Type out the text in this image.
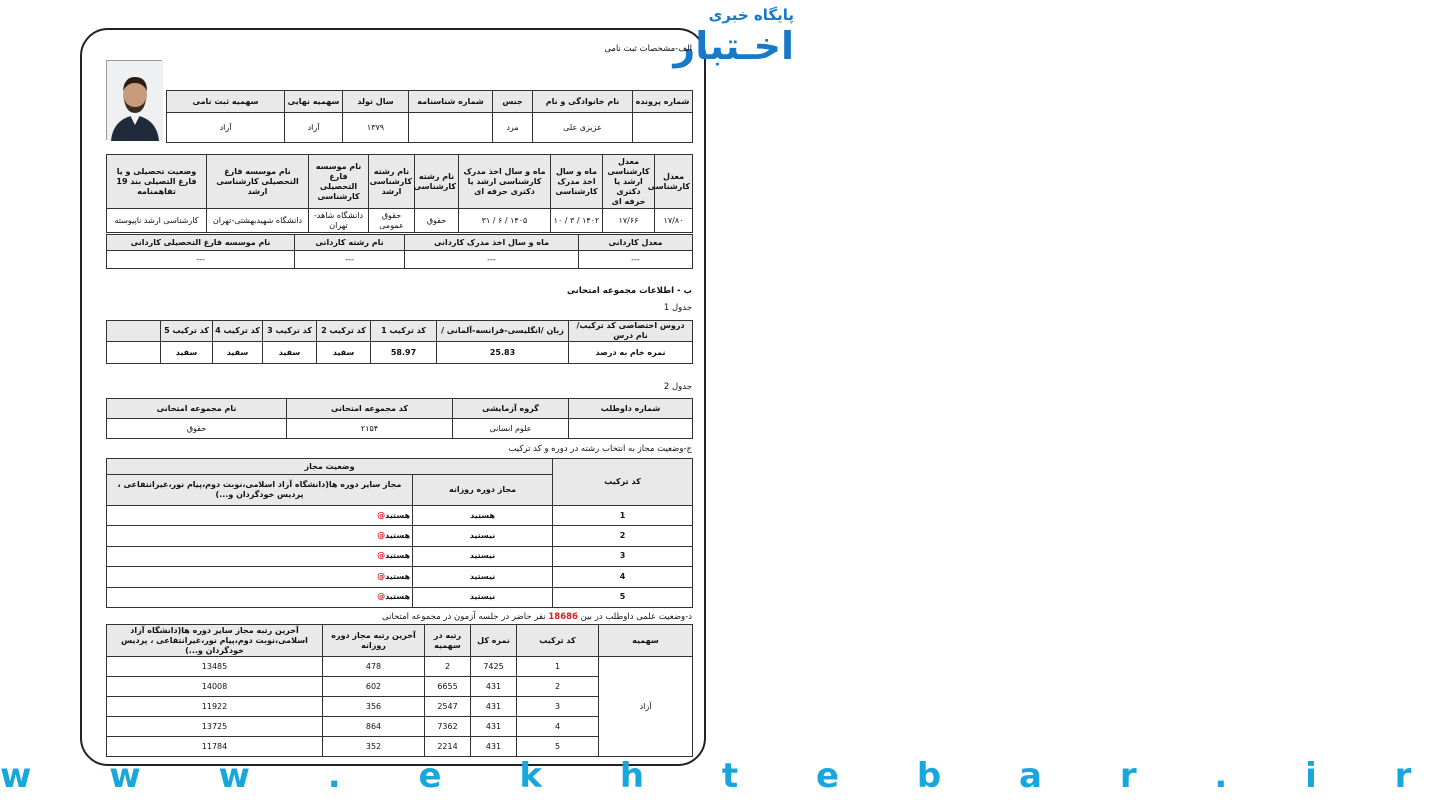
پایگاه خبری
اخـتبار
الف-مشخصات ثبت نامی
شماره پرونده	نام خانوادگی و نام	جنس	شماره شناسنامه	سال تولد	سهمیه نهایی	سهمیه ثبت نامی
	عزیزی علی	مرد		۱۳۷۹	آزاد	آزاد
معدل کارشناسی	معدل کارشناسی ارشد یا دکتری حرفه ای	ماه و سال اخذ مدرک کارشناسی	ماه و سال اخذ مدرک کارشناسی ارشد یا دکتری حرفه ای	نام رشته کارشناسی	نام رشته کارشناسی ارشد	نام موسسه فارغ التحصیلی کارشناسی	نام موسسه فارغ التحصیلی کارشناسی ارشد	وضعیت تحصیلی و یا فارغ التصیلی بند 19 تفاهمنامه
۱۷/۸۰	۱۷/۶۶	۱۴۰۲ / ۳ / ۱۰	۱۴۰۵ / ۶ / ۳۱	حقوق	حقوق عمومی	دانشگاه شاهد- تهران	دانشگاه شهیدبهشتی-تهران	کارشناسی ارشد ناپیوسته
معدل کاردانی	ماه و سال اخذ مدرک کاردانی	نام رشته کاردانی	نام موسسه فارغ التحصیلی کاردانی
---	---	---	---
ب - اطلاعات مجموعه امتحانی
جدول 1
دروس اختصاصی کد ترکیب/نام درس	زبان /انگلیسی-فرانسه-آلمانی /	کد ترکیب 1	کد ترکیب 2	کد ترکیب 3	کد ترکیب 4	کد ترکیب 5	
نمره خام به درصد	25.83	58.97	سفید	سفید	سفید	سفید	
جدول 2
شماره داوطلب	گروه آزمایشی	کد مجموعه امتحانی	نام مجموعه امتحانی
	علوم انسانی	۲۱۵۴	حقوق
ج-وضعیت مجاز به انتخاب رشته در دوره و کد ترکیب
کد ترکیب	وضعیت مجاز	
	مجاز دوره روزانه	مجاز سایر دوره ها(دانشگاه آزاد اسلامی،نوبت دوم،پیام نور،غیرانتفاعی ، پردیس خودگردان و...)
1	هستید	هستید@
2	نیستید	هستید@
3	نیستید	هستید@
4	نیستید	هستید@
5	نیستید	هستید@
د-وضعیت علمی داوطلب در بین 18686 نفر حاضر در جلسه آزمون در مجموعه امتحانی
سهمیه	کد ترکیب	نمره کل	رتبه در سهمیه	آخرین رتبه مجاز دوره روزانه	آخرین رتبه مجاز سایر دوره ها(دانشگاه آزاد اسلامی،نوبت دوم،پیام نور،غیرانتفاعی ، پردیس خودگردان و...)
آزاد	1	7425	2	478	13485
	2	431	6655	602	14008
	3	431	2547	356	11922
	4	431	7362	864	13725
	5	431	2214	352	11784
w w w . e k h t e b a r . i r
